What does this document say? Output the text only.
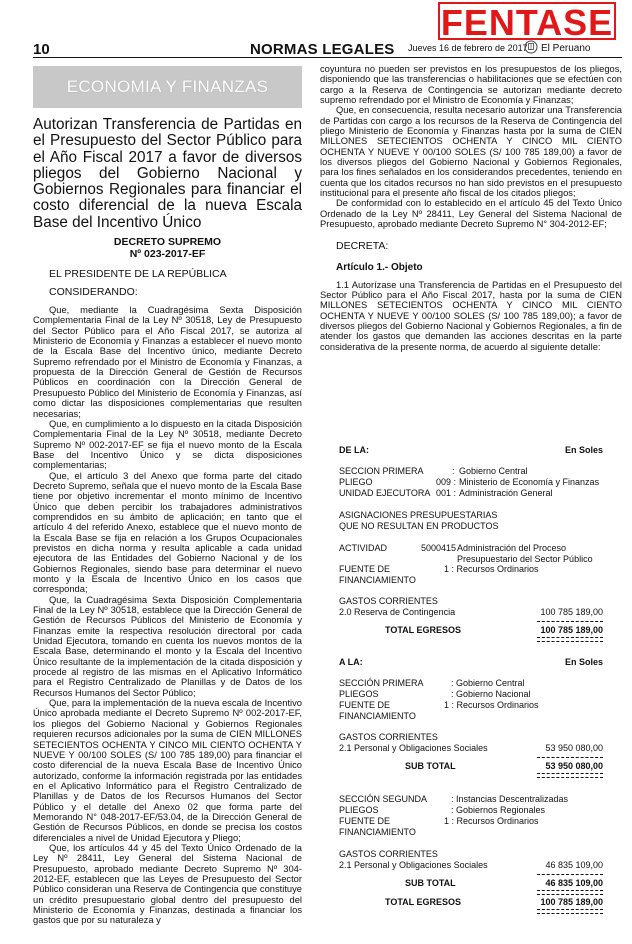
FENTASE
10	NORMAS LEGALES Jueves 16 de febrero de 2017 El Peruano
ECONOMIA Y FINANZAS
Autorizan Transferencia de Partidas en el Presupuesto del Sector Público para el Año Fiscal 2017 a favor de diversos pliegos del Gobierno Nacional y Gobiernos Regionales para financiar el costo diferencial de la nueva Escala Base del Incentivo Único
DECRETO SUPREMO
Nº 023-2017-EF
EL PRESIDENTE DE LA REPÚBLICA
CONSIDERANDO:

Que, mediante la Cuadragésima Sexta Disposición Complementaria Final de la Ley Nº 30518, Ley de Presupuesto del Sector Público para el Año Fiscal 2017, se autoriza al Ministerio de Economía y Finanzas a establecer el nuevo monto de la Escala Base del Incentivo único, mediante Decreto Supremo refrendado por el Ministro de Economía y Finanzas, a propuesta de la Dirección General de Gestión de Recursos Públicos en coordinación con la Dirección General de Presupuesto Público del Ministerio de Economía y Finanzas, así como dictar las disposiciones complementarias que resulten necesarias;

Que, en cumplimiento a lo dispuesto en la citada Disposición Complementaria Final de la Ley Nº 30518, mediante Decreto Supremo Nº 002-2017-EF se fija el nuevo monto de la Escala Base del Incentivo Único y se dicta disposiciones complementarias;

Que, el artículo 3 del Anexo que forma parte del citado Decreto Supremo, señala que el nuevo monto de la Escala Base tiene por objetivo incrementar el monto mínimo de Incentivo Único que deben percibir los trabajadores administrativos comprendidos en su ámbito de aplicación; en tanto que el artículo 4 del referido Anexo, establece que el nuevo monto de la Escala Base se fija en relación a los Grupos Ocupacionales previstos en dicha norma y resulta aplicable a cada unidad ejecutora de las Entidades del Gobierno Nacional y de los Gobiernos Regionales, siendo base para determinar el nuevo monto y la Escala de Incentivo Único en los casos que corresponda;

Que, la Cuadragésima Sexta Disposición Complementaria Final de la Ley Nº 30518, establece que la Dirección General de Gestión de Recursos Públicos del Ministerio de Economía y Finanzas emite la respectiva resolución directoral por cada Unidad Ejecutora, tomando en cuenta los nuevos montos de la Escala Base, determinando el monto y la Escala del Incentivo Único resultante de la implementación de la citada disposición y procede al registro de las mismas en el Aplicativo Informático para el Registro Centralizado de Planillas y de Datos de los Recursos Humanos del Sector Público;

Que, para la implementación de la nueva escala de Incentivo Único aprobada mediante el Decreto Supremo Nº 002-2017-EF, los pliegos del Gobierno Nacional y Gobiernos Regionales requieren recursos adicionales por la suma de CIEN MILLONES SETECIENTOS OCHENTA Y CINCO MIL CIENTO OCHENTA Y NUEVE Y 00/100 SOLES (S/ 100 785 189,00) para financiar el costo diferencial de la nueva Escala Base de Incentivo Único autorizado, conforme la información registrada por las entidades en el Aplicativo Informático para el Registro Centralizado de Planillas y de Datos de los Recursos Humanos del Sector Público y el detalle del Anexo 02 que forma parte del Memorando N° 048-2017-EF/53.04, de la Dirección General de Gestión de Recursos Públicos, en donde se precisa los costos diferenciales a nivel de Unidad Ejecutora y Pliego;

Que, los artículos 44 y 45 del Texto Único Ordenado de la Ley Nº 28411, Ley General del Sistema Nacional de Presupuesto, aprobado mediante Decreto Supremo Nº 304-2012-EF, establecen que las Leyes de Presupuesto del Sector Público consideran una Reserva de Contingencia que constituye un crédito presupuestario global dentro del presupuesto del Ministerio de Economía y Finanzas, destinada a financiar los gastos que por su naturaleza y

coyuntura no pueden ser previstos en los presupuestos de los pliegos, disponiendo que las transferencias o habilitaciones que se efectúen con cargo a la Reserva de Contingencia se autorizan mediante decreto supremo refrendado por el Ministro de Economía y Finanzas;

Que, en consecuencia, resulta necesario autorizar una Transferencia de Partidas con cargo a los recursos de la Reserva de Contingencia del pliego Ministerio de Economía y Finanzas hasta por la suma de CIEN MILLONES SETECIENTOS OCHENTA Y CINCO MIL CIENTO OCHENTA Y NUEVE Y 00/100 SOLES (S/ 100 785 189,00) a favor de los diversos pliegos del Gobierno Nacional y Gobiernos Regionales, para los fines señalados en los considerandos precedentes, teniendo en cuenta que los citados recursos no han sido previstos en el presupuesto institucional para el presente año fiscal de los citados pliegos;

De conformidad con lo establecido en el artículo 45 del Texto Único Ordenado de la Ley Nº 28411, Ley General del Sistema Nacional de Presupuesto, aprobado mediante Decreto Supremo N° 304-2012-EF;

DECRETA:
Artículo 1.- Objeto

1.1 Autorízase una Transferencia de Partidas en el Presupuesto del Sector Público para el Año Fiscal 2017, hasta por la suma de CIEN MILLONES SETECIENTOS OCHENTA Y CINCO MIL CIENTO OCHENTA Y NUEVE Y 00/100 SOLES (S/ 100 785 189,00); a favor de diversos pliegos del Gobierno Nacional y Gobiernos Regionales, a fin de atender los gastos que demanden las acciones descritas en la parte considerativa de la presente norma, de acuerdo al siguiente detalle:

DE LA:	En Soles
SECCION PRIMERA	: Gobierno Central
PLIEGO	009 : Ministerio de Economía y Finanzas
UNIDAD EJECUTORA 001 : Administración General
ASIGNACIONES PRESUPUESTARIAS
QUE NO RESULTAN EN PRODUCTOS
ACTIVIDAD	5000415 Administración del Proceso
Presupuestario del Sector Público
FUENTE DE	1 : Recursos Ordinarios
FINANCIAMIENTO
GASTOS CORRIENTES
2.0 Reserva de Contingencia	100 785 189,00
TOTAL EGRESOS	100 785 189,00
A LA:	En Soles
SECCIÓN PRIMERA	: Gobierno Central
PLIEGOS	: Gobierno Nacional
FUENTE DE	1 : Recursos Ordinarios
FINANCIAMIENTO
GASTOS CORRIENTES
2.1 Personal y Obligaciones Sociales	53 950 080,00
SUB TOTAL	53 950 080,00
SECCIÓN SEGUNDA	: Instancias Descentralizadas
PLIEGOS	: Gobiernos Regionales
FUENTE DE	1 : Recursos Ordinarios
FINANCIAMIENTO
GASTOS CORRIENTES
2.1 Personal y Obligaciones Sociales	46 835 109,00
SUB TOTAL	46 835 109,00
TOTAL EGRESOS	100 785 189,00
